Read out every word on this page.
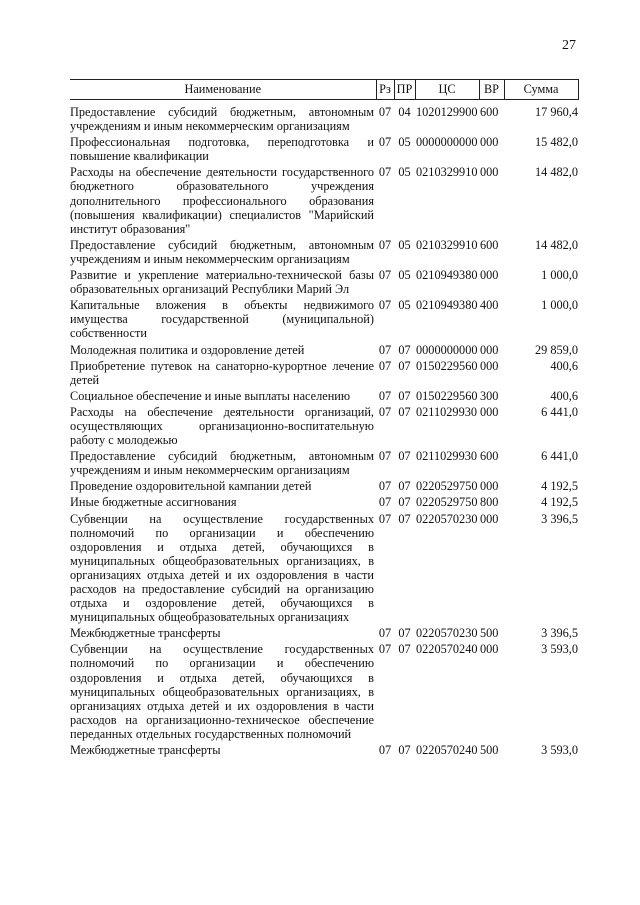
27
Наименование	Рз	ПР	ЦС	ВР	Сумма
Предоставление субсидий бюджетным, автономным учреждениям и иным некоммерческим организациям	07	04	1020129900	600	17 960,4
Профессиональная подготовка, переподготовка и повышение квалификации	07	05	0000000000	000	15 482,0
Расходы на обеспечение деятельности государственного бюджетного образовательного учреждения дополнительного профессионального образования (повышения квалификации) специалистов "Марийский институт образования"	07	05	0210329910	000	14 482,0
Предоставление субсидий бюджетным, автономным учреждениям и иным некоммерческим организациям	07	05	0210329910	600	14 482,0
Развитие и укрепление материально-технической базы образовательных организаций Республики Марий Эл	07	05	0210949380	000	1 000,0
Капитальные вложения в объекты недвижимого имущества государственной (муниципальной) собственности	07	05	0210949380	400	1 000,0
Молодежная политика и оздоровление детей	07	07	0000000000	000	29 859,0
Приобретение путевок на санаторно-курортное лечение детей	07	07	0150229560	000	400,6
Социальное обеспечение и иные выплаты населению	07	07	0150229560	300	400,6
Расходы на обеспечение деятельности организаций, осуществляющих организационно-воспитательную работу с молодежью	07	07	0211029930	000	6 441,0
Предоставление субсидий бюджетным, автономным учреждениям и иным некоммерческим организациям	07	07	0211029930	600	6 441,0
Проведение оздоровительной кампании детей	07	07	0220529750	000	4 192,5
Иные бюджетные ассигнования	07	07	0220529750	800	4 192,5
Субвенции на осуществление государственных полномочий по организации и обеспечению оздоровления и отдыха детей, обучающихся в муниципальных общеобразовательных организациях, в организациях отдыха детей и их оздоровления в части расходов на предоставление субсидий на организацию отдыха и оздоровление детей, обучающихся в муниципальных общеобразовательных организациях	07	07	0220570230	000	3 396,5
Межбюджетные трансферты	07	07	0220570230	500	3 396,5
Субвенции на осуществление государственных полномочий по организации и обеспечению оздоровления и отдыха детей, обучающихся в муниципальных общеобразовательных организациях, в организациях отдыха детей и их оздоровления в части расходов на организационно-техническое обеспечение переданных отдельных государственных полномочий	07	07	0220570240	000	3 593,0
Межбюджетные трансферты	07	07	0220570240	500	3 593,0
